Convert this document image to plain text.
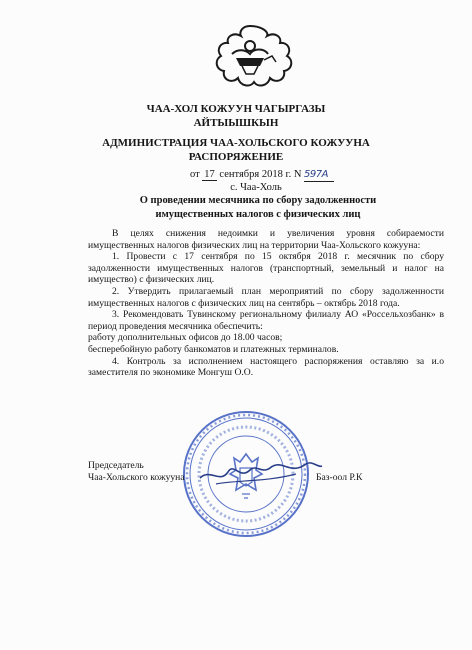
ЧАА-ХОЛ КОЖУУН ЧАГЫРГАЗЫ
АЙТЫЫШКЫН
АДМИНИСТРАЦИЯ ЧАА-ХОЛЬСКОГО КОЖУУНА
РАСПОРЯЖЕНИЕ
от 17 сентября 2018 г. N 597А
с. Чаа-Холь
О проведении месячника по сбору задолженности
имущественных налогов с физических лиц

В целях снижения недоимки и увеличения уровня собираемости имущественных налогов физических лиц на территории Чаа-Хольского кожууна:

1. Провести с 17 сентября по 15 октября 2018 г. месячник по сбору задолженности имущественных налогов (транспортный, земельный и налог на имущество) с физических лиц.

2. Утвердить прилагаемый план мероприятий по сбору задолженности имущественных налогов с физических лиц на сентябрь – октябрь 2018 года.

3. Рекомендовать Тувинскому региональному филиалу АО «Россельхозбанк» в период проведения месячника обеспечить:

работу дополнительных офисов до 18.00 часов;

бесперебойную работу банкоматов и платежных терминалов.

4. Контроль за исполнением настоящего распоряжения оставляю за и.о заместителя по экономике Монгуш О.О.

Председатель
Чаа-Хольского кожууна	Баз-оол Р.К
